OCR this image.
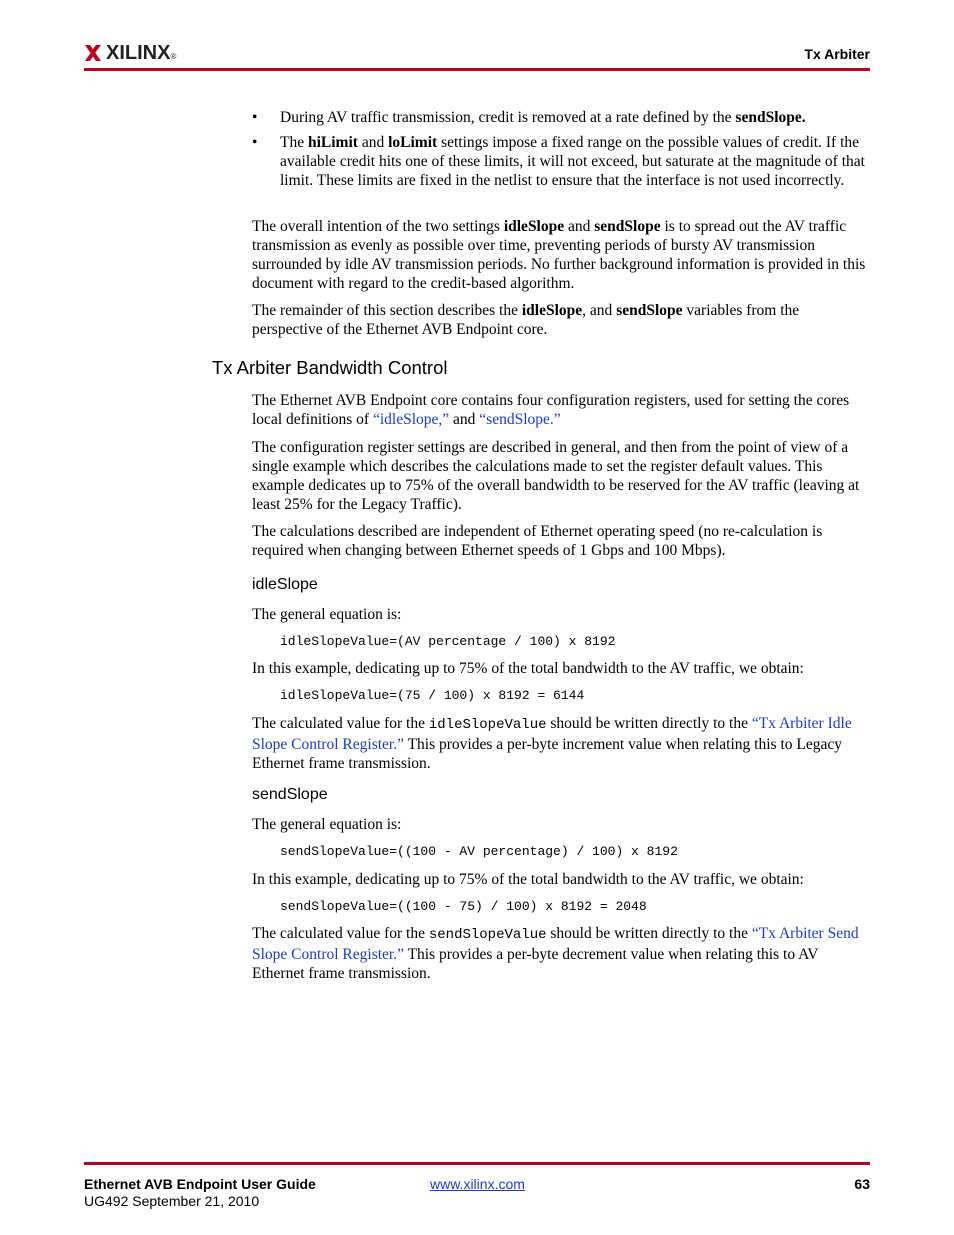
XILINX ®	Tx Arbiter
• During AV traffic transmission, credit is removed at a rate defined by the sendSlope.

• The hiLimit and loLimit settings impose a fixed range on the possible values of credit. If the available credit hits one of these limits, it will not exceed, but saturate at the magnitude of that limit. These limits are fixed in the netlist to ensure that the interface is not used incorrectly.

The overall intention of the two settings idleSlope and sendSlope is to spread out the AV traffic transmission as evenly as possible over time, preventing periods of bursty AV transmission surrounded by idle AV transmission periods. No further background information is provided in this document with regard to the credit-based algorithm.

The remainder of this section describes the idleSlope, and sendSlope variables from the perspective of the Ethernet AVB Endpoint core.

Tx Arbiter Bandwidth Control

The Ethernet AVB Endpoint core contains four configuration registers, used for setting the cores local definitions of “idleSlope,” and “sendSlope.”

The configuration register settings are described in general, and then from the point of view of a single example which describes the calculations made to set the register default values. This example dedicates up to 75% of the overall bandwidth to be reserved for the AV traffic (leaving at least 25% for the Legacy Traffic).

The calculations described are independent of Ethernet operating speed (no re-calculation is required when changing between Ethernet speeds of 1 Gbps and 100 Mbps).

idleSlope

The general equation is:

idleSlopeValue=(AV percentage / 100) x 8192

In this example, dedicating up to 75% of the total bandwidth to the AV traffic, we obtain:

idleSlopeValue=(75 / 100) x 8192 = 6144

The calculated value for the idleSlopeValue should be written directly to the “Tx Arbiter Idle Slope Control Register.” This provides a per-byte increment value when relating this to Legacy Ethernet frame transmission.

sendSlope

The general equation is:

sendSlopeValue=((100 - AV percentage) / 100) x 8192

In this example, dedicating up to 75% of the total bandwidth to the AV traffic, we obtain:

sendSlopeValue=((100 - 75) / 100) x 8192 = 2048

The calculated value for the sendSlopeValue should be written directly to the “Tx Arbiter Send Slope Control Register.” This provides a per-byte decrement value when relating this to AV Ethernet frame transmission.

Ethernet AVB Endpoint User Guide
UG492 September 21, 2010
www.xilinx.com	63
